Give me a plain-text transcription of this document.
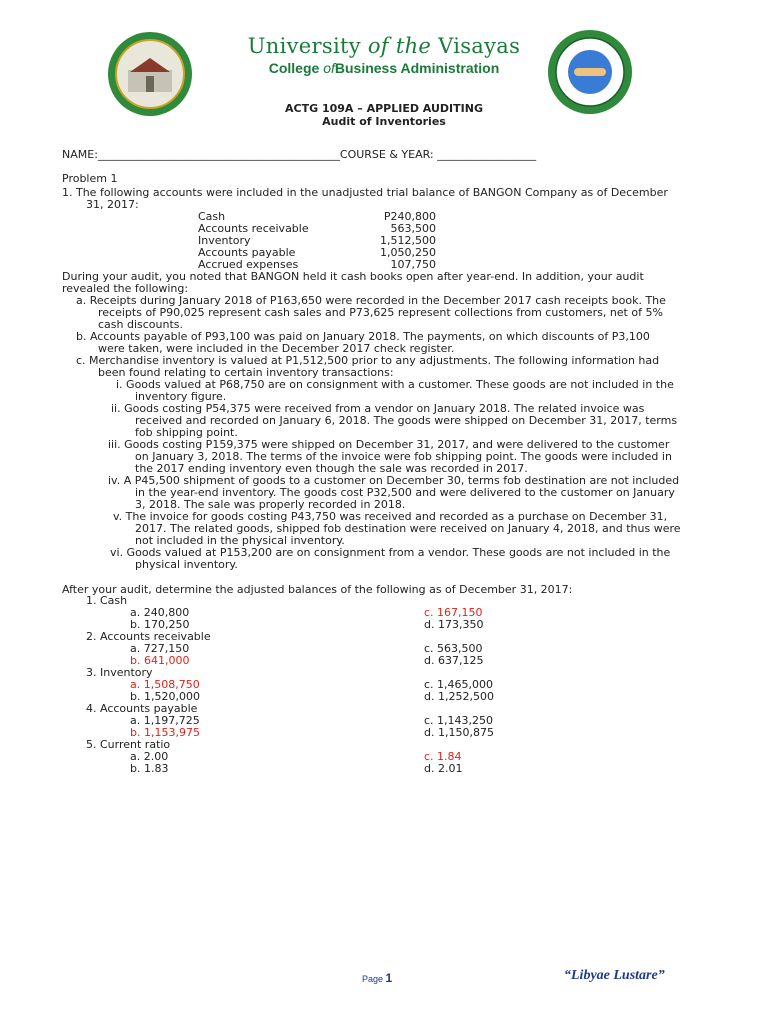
University of the Visayas
College ofBusiness Administration
ACTG 109A – APPLIED AUDITING
Audit of Inventories
NAME:____________________________________________COURSE & YEAR: __________________
Problem 1
1. The following accounts were included in the unadjusted trial balance of BANGON Company as of December
31, 2017:
Cash	P240,800
Accounts receivable	563,500
Inventory	1,512,500
Accounts payable	1,050,250
Accrued expenses	107,750
During your audit, you noted that BANGON held it cash books open after year-end. In addition, your audit
revealed the following:
a. Receipts during January 2018 of P163,650 were recorded in the December 2017 cash receipts book. The
receipts of P90,025 represent cash sales and P73,625 represent collections from customers, net of 5%
cash discounts.
b. Accounts payable of P93,100 was paid on January 2018. The payments, on which discounts of P3,100
were taken, were included in the December 2017 check register.
c. Merchandise inventory is valued at P1,512,500 prior to any adjustments. The following information had
been found relating to certain inventory transactions:
i. Goods valued at P68,750 are on consignment with a customer. These goods are not included in the
inventory figure.
ii. Goods costing P54,375 were received from a vendor on January 2018. The related invoice was
received and recorded on January 6, 2018. The goods were shipped on December 31, 2017, terms
fob shipping point.
iii. Goods costing P159,375 were shipped on December 31, 2017, and were delivered to the customer
on January 3, 2018. The terms of the invoice were fob shipping point. The goods were included in
the 2017 ending inventory even though the sale was recorded in 2017.
iv. A P45,500 shipment of goods to a customer on December 30, terms fob destination are not included
in the year-end inventory. The goods cost P32,500 and were delivered to the customer on January
3, 2018. The sale was properly recorded in 2018.
v. The invoice for goods costing P43,750 was received and recorded as a purchase on December 31,
2017. The related goods, shipped fob destination were received on January 4, 2018, and thus were
not included in the physical inventory.
vi. Goods valued at P153,200 are on consignment from a vendor. These goods are not included in the
physical inventory.
After your audit, determine the adjusted balances of the following as of December 31, 2017:
1. Cash
a. 240,800
b. 170,250
c. 167,150
d. 173,350
2. Accounts receivable
a. 727,150
b. 641,000
c. 563,500
d. 637,125
3. Inventory
a. 1,508,750
b. 1,520,000
c. 1,465,000
d. 1,252,500
4. Accounts payable
a. 1,197,725
b. 1,153,975
c. 1,143,250
d. 1,150,875
5. Current ratio
a. 2.00
b. 1.83
c. 1.84
d. 2.01
Page 1	“Libyae Lustare”
